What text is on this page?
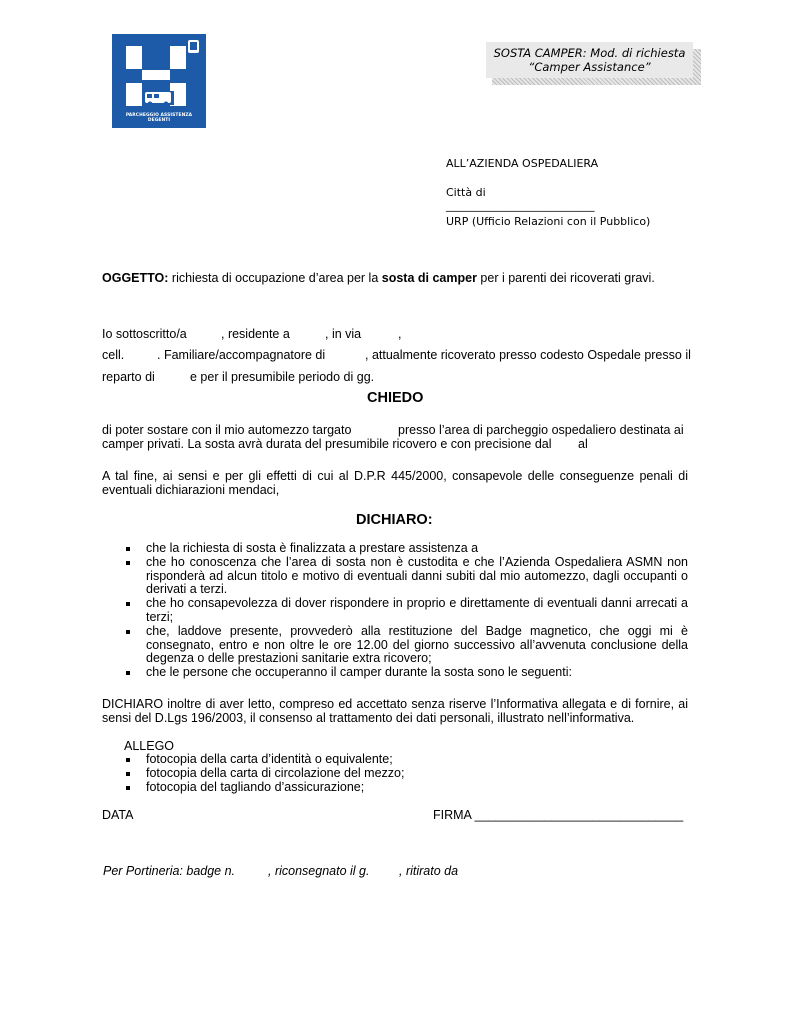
PARCHEGGIO ASSISTENZA DEGENTI
SOSTA CAMPER: Mod. di richiesta
“Camper Assistance”
ALL’AZIENDA OSPEDALIERA
Città di
___________________________
URP (Ufficio Relazioni con il Pubblico)
OGGETTO: richiesta di occupazione d’area per la sosta di camper per i parenti dei ricoverati gravi.
Io sottoscritto/a	, residente a	, in via	,
cell.	. Familiare/accompagnatore di	, attualmente ricoverato presso codesto Ospedale presso il
reparto di	e per il presumibile periodo di gg.
CHIEDO
di poter sostare con il mio automezzo targato	presso l’area di parcheggio ospedaliero destinata ai
camper privati. La sosta avrà durata del presumibile ricovero e con precisione dal al
A tal fine, ai sensi e per gli effetti di cui al D.P.R 445/2000, consapevole delle conseguenze penali di eventuali dichiarazioni mendaci,
DICHIARO:
che la richiesta di sosta è finalizzata a prestare assistenza a
che ho conoscenza che l’area di sosta non è custodita e che l’Azienda Ospedaliera ASMN non risponderà ad alcun titolo e motivo di eventuali danni subiti dal mio automezzo, dagli occupanti o derivati a terzi.
che ho consapevolezza di dover rispondere in proprio e direttamente di eventuali danni arrecati a terzi;
che, laddove presente, provvederò alla restituzione del Badge magnetico, che oggi mi è consegnato, entro e non oltre le ore 12.00 del giorno successivo all’avvenuta conclusione della degenza o delle prestazioni sanitarie extra ricovero;
che le persone che occuperanno il camper durante la sosta sono le seguenti:
DICHIARO inoltre di aver letto, compreso ed accettato senza riserve l’Informativa allegata e di fornire, ai sensi del D.Lgs 196/2003, il consenso al trattamento dei dati personali, illustrato nell’informativa.
ALLEGO
fotocopia della carta d’identità o equivalente;
fotocopia della carta di circolazione del mezzo;
fotocopia del tagliando d’assicurazione;
DATA	FIRMA ______________________________
Per Portineria: badge n.	, riconsegnato il g. , ritirato da
